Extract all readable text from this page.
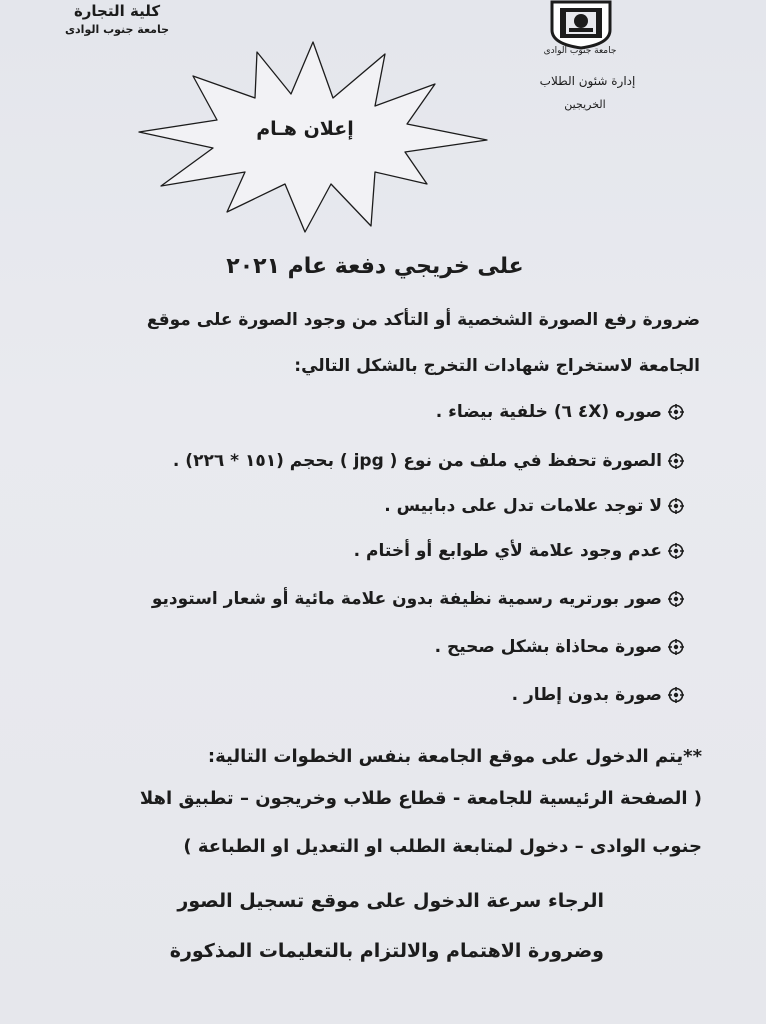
كلية التجارة
جامعة جنوب الوادى
جامعة جنوب الوادى
إدارة شئون الطلاب
الخريجين
إعلان هـام
على خريجي دفعة عام ٢٠٢١
ضرورة رفع الصورة الشخصية أو التأكد من وجود الصورة على موقع
الجامعة لاستخراج شهادات التخرج بالشكل التالي:
صوره (٤X ٦) خلفية بيضاء .
الصورة تحفظ في ملف من نوع ( jpg ) بحجم (١٥١ * ٢٢٦) .
لا توجد علامات تدل على دبابيس .
عدم وجود علامة لأي طوابع أو أختام .
صور بورتريه رسمية نظيفة بدون علامة مائية أو شعار استوديو
صورة محاذاة بشكل صحيح .
صورة بدون إطار .
**يتم الدخول على موقع الجامعة بنفس الخطوات التالية:
( الصفحة الرئيسية للجامعة - قطاع طلاب وخريجون – تطبيق اهلا
جنوب الوادى – دخول لمتابعة الطلب او التعديل او الطباعة )
الرجاء سرعة الدخول على موقع تسجيل الصور
وضرورة الاهتمام والالتزام بالتعليمات المذكورة
